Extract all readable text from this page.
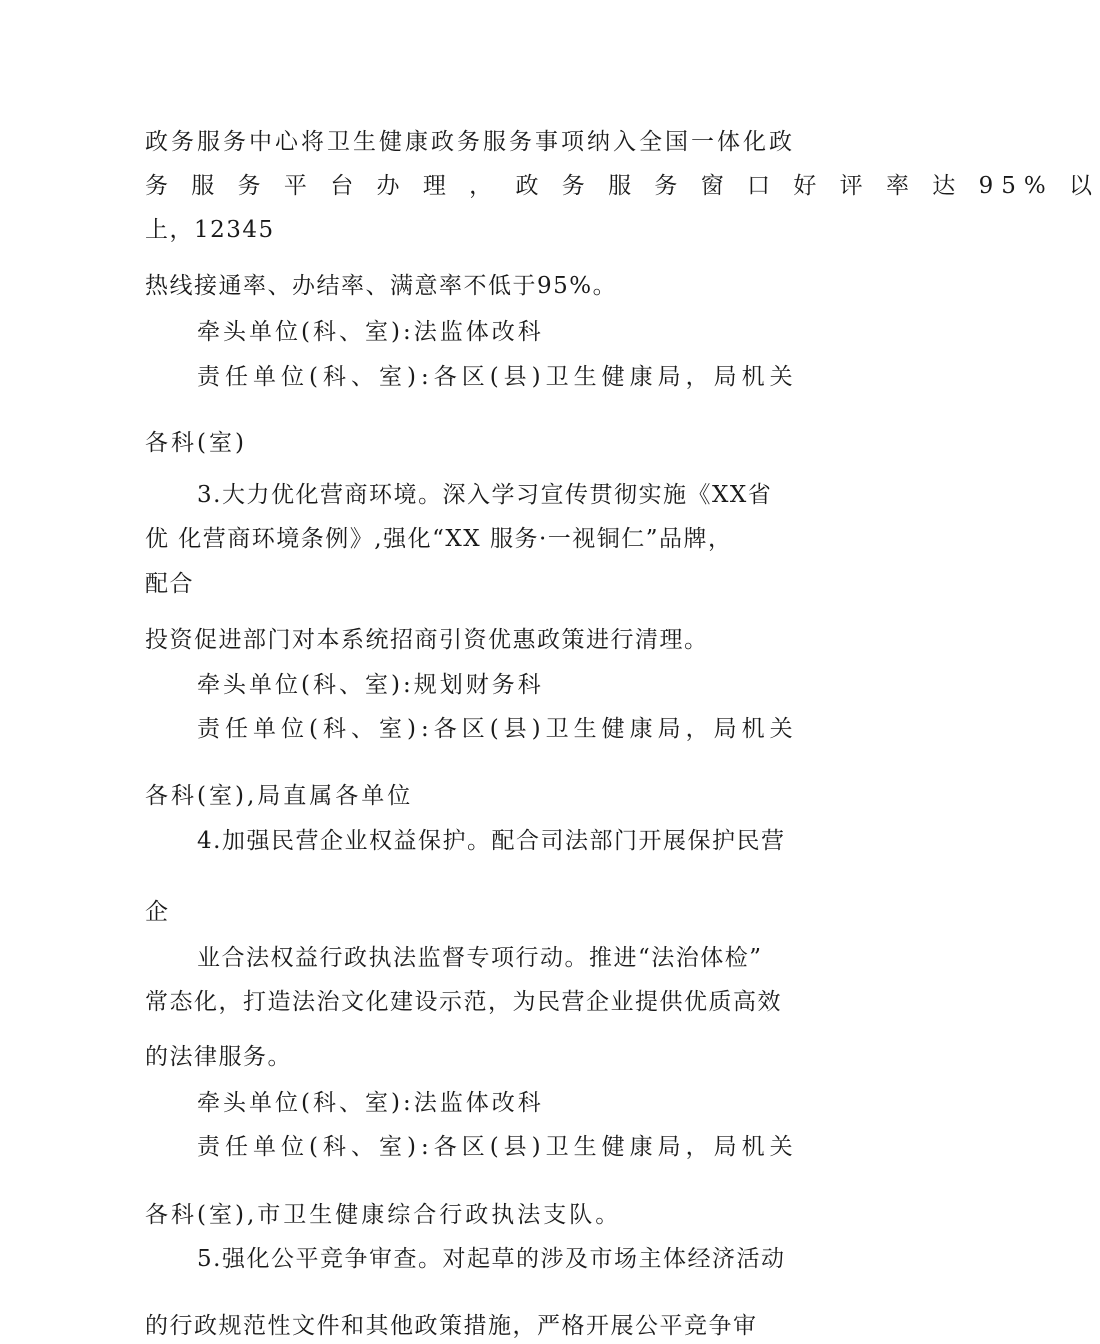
政务服务中心将卫生健康政务服务事项纳入全国一体化政
务 服 务 平 台 办 理 ， 政 务 服 务 窗 口 好 评 率 达 95% 以
上，12345
热线接通率、办结率、满意率不低于95%。
牵头单位(科、室):法监体改科
责任单位(科、室):各区(县)卫生健康局，局机关
各科(室)
3.大力优化营商环境。深入学习宣传贯彻实施《XX省
优 化营商环境条例》,强化“XX 服务·一视铜仁”品牌，
配合
投资促进部门对本系统招商引资优惠政策进行清理。
牵头单位(科、室):规划财务科
责任单位(科、室):各区(县)卫生健康局，局机关
各科(室),局直属各单位
4.加强民营企业权益保护。配合司法部门开展保护民营
企
业合法权益行政执法监督专项行动。推进“法治体检”
常态化，打造法治文化建设示范，为民营企业提供优质高效
的法律服务。
牵头单位(科、室):法监体改科
责任单位(科、室):各区(县)卫生健康局，局机关
各科(室),市卫生健康综合行政执法支队。
5.强化公平竞争审查。对起草的涉及市场主体经济活动
的行政规范性文件和其他政策措施，严格开展公平竞争审
